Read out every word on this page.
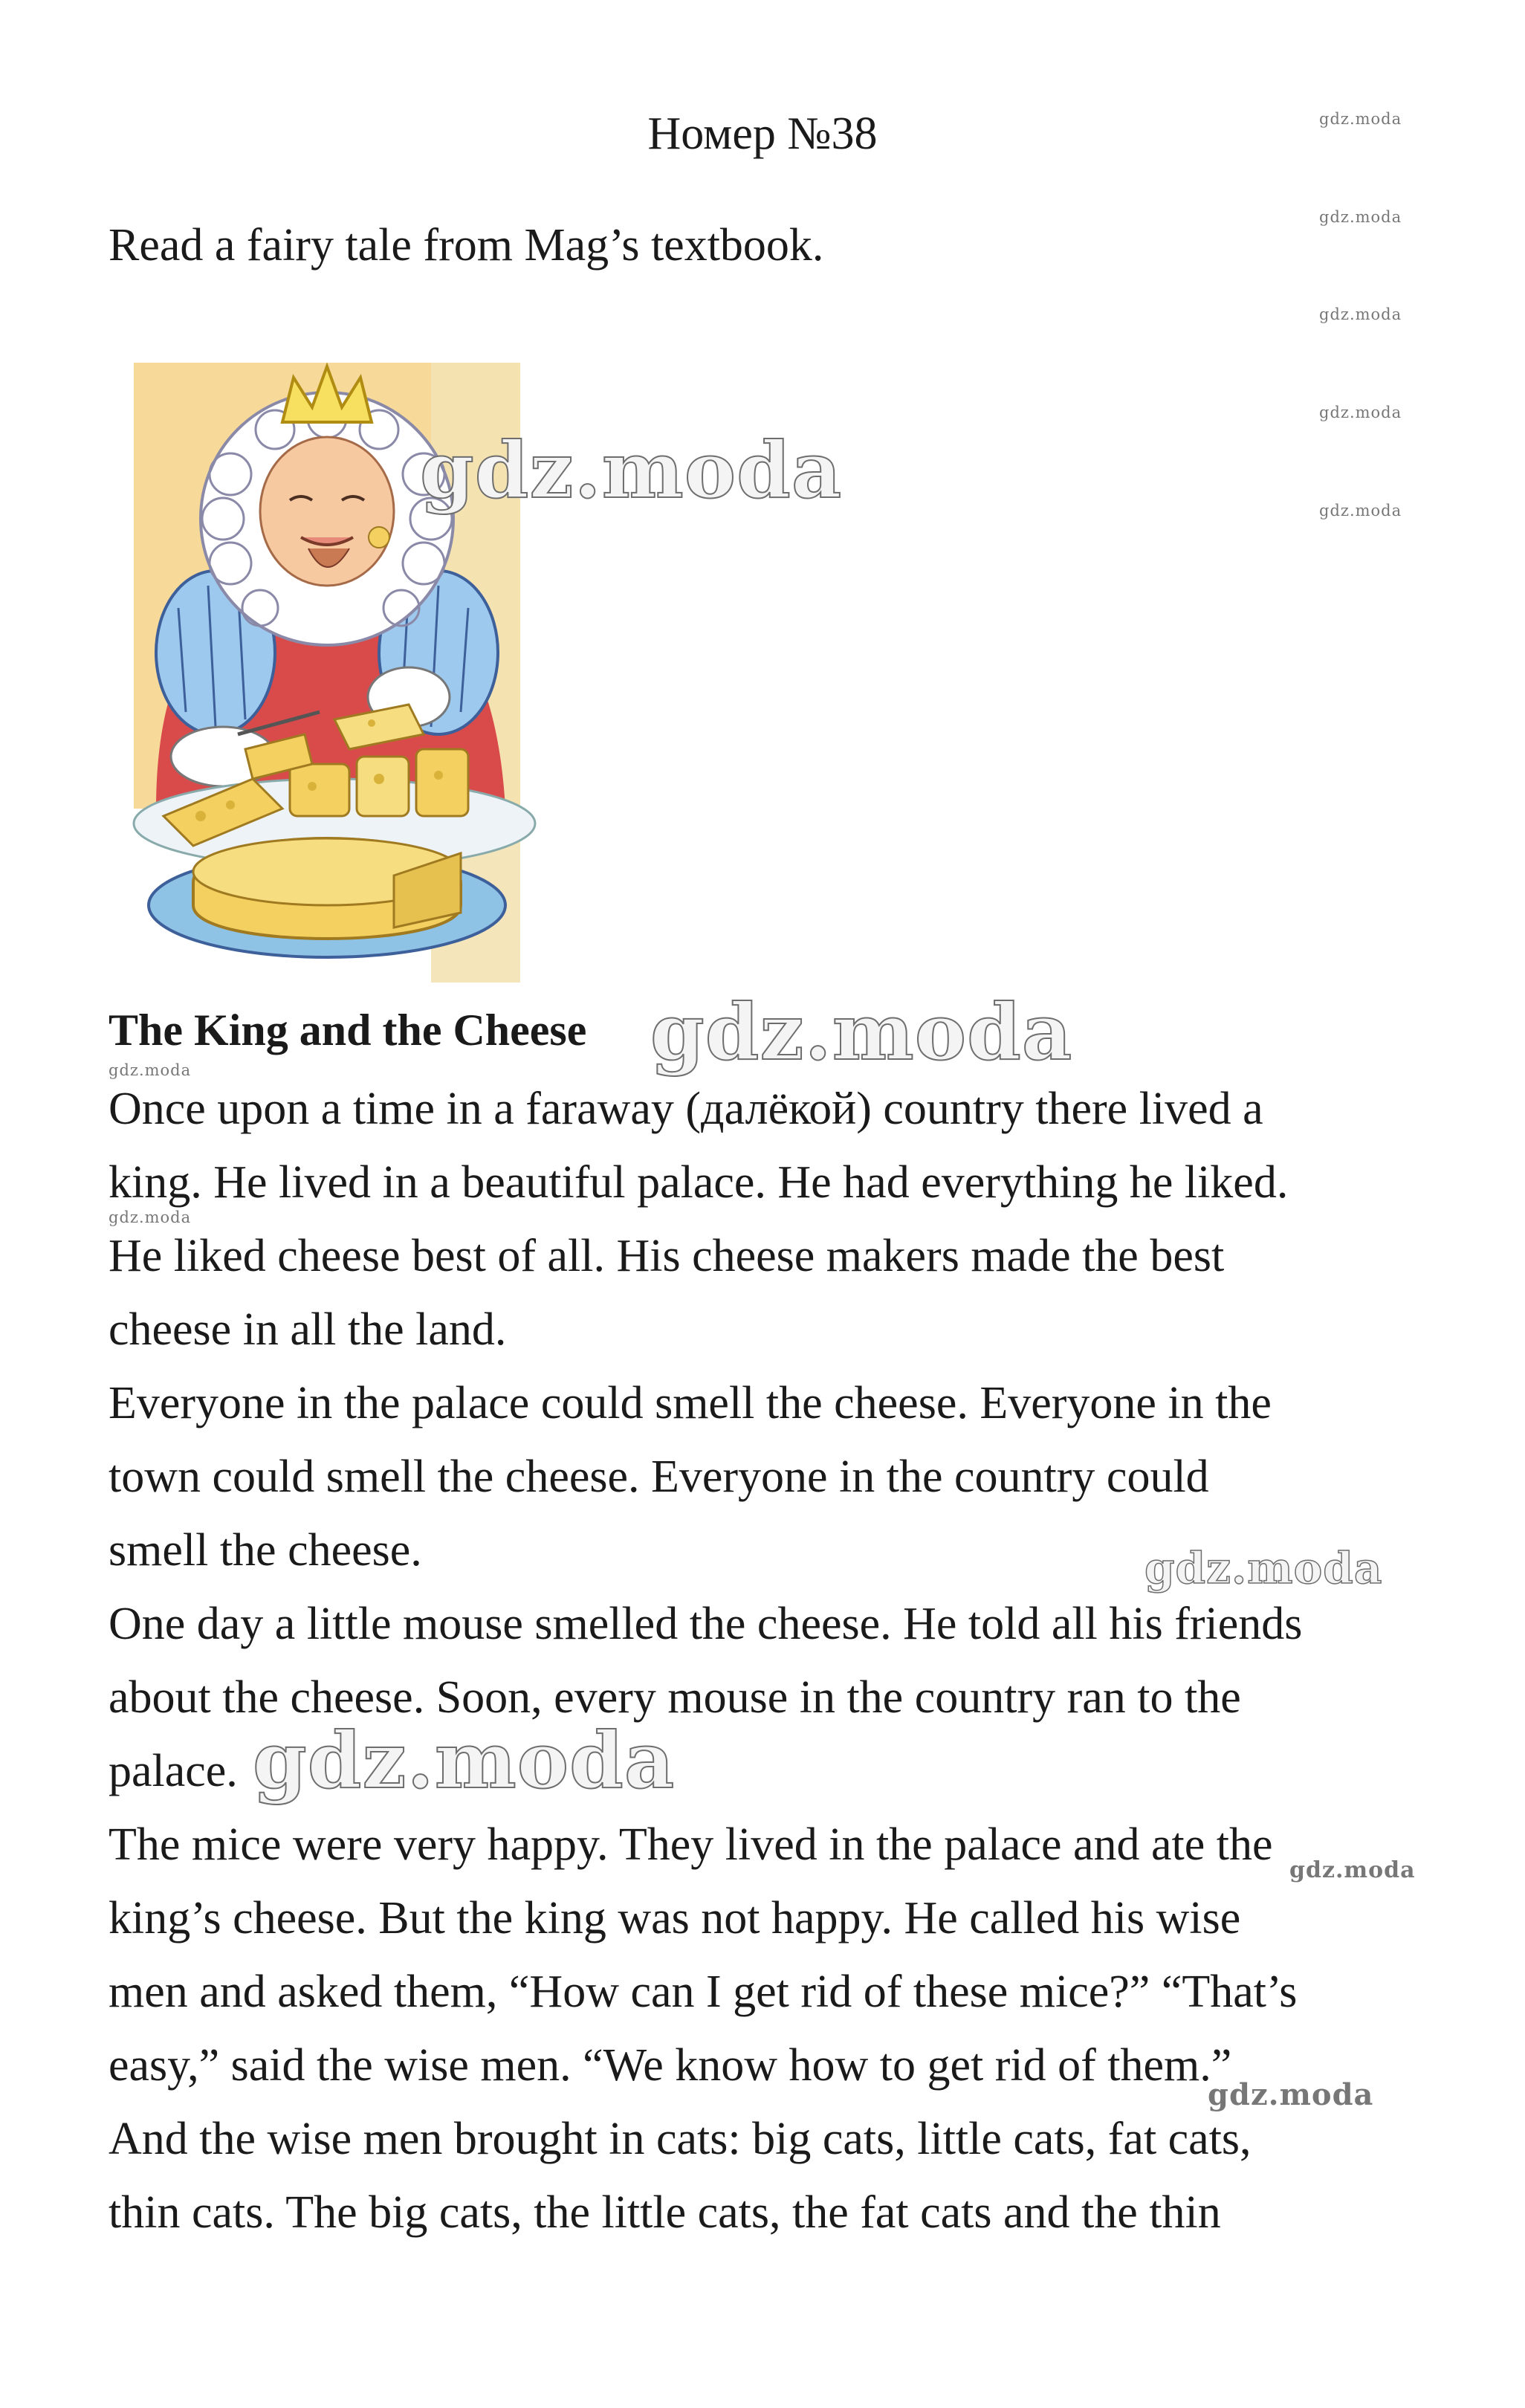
Номер №38
Read a fairy tale from Mag’s textbook.
The King and the Cheese
Once upon a time in a faraway (далёкой) country there lived a
king. He lived in a beautiful palace. He had everything he liked.
He liked cheese best of all. His cheese makers made the best
cheese in all the land.
Everyone in the palace could smell the cheese. Everyone in the
town could smell the cheese. Everyone in the country could
smell the cheese.
One day a little mouse smelled the cheese. He told all his friends
about the cheese. Soon, every mouse in the country ran to the
palace.
The mice were very happy. They lived in the palace and ate the
king’s cheese. But the king was not happy. He called his wise
men and asked them, “How can I get rid of these mice?” “That’s
easy,” said the wise men. “We know how to get rid of them.”
And the wise men brought in cats: big cats, little cats, fat cats,
thin cats. The big cats, the little cats, the fat cats and the thin
gdz.moda
gdz.moda
gdz.moda
gdz.moda
gdz.moda
gdz.moda
gdz.moda
gdz.moda
gdz.moda
gdz.moda
gdz.moda
gdz.moda
gdz.moda
